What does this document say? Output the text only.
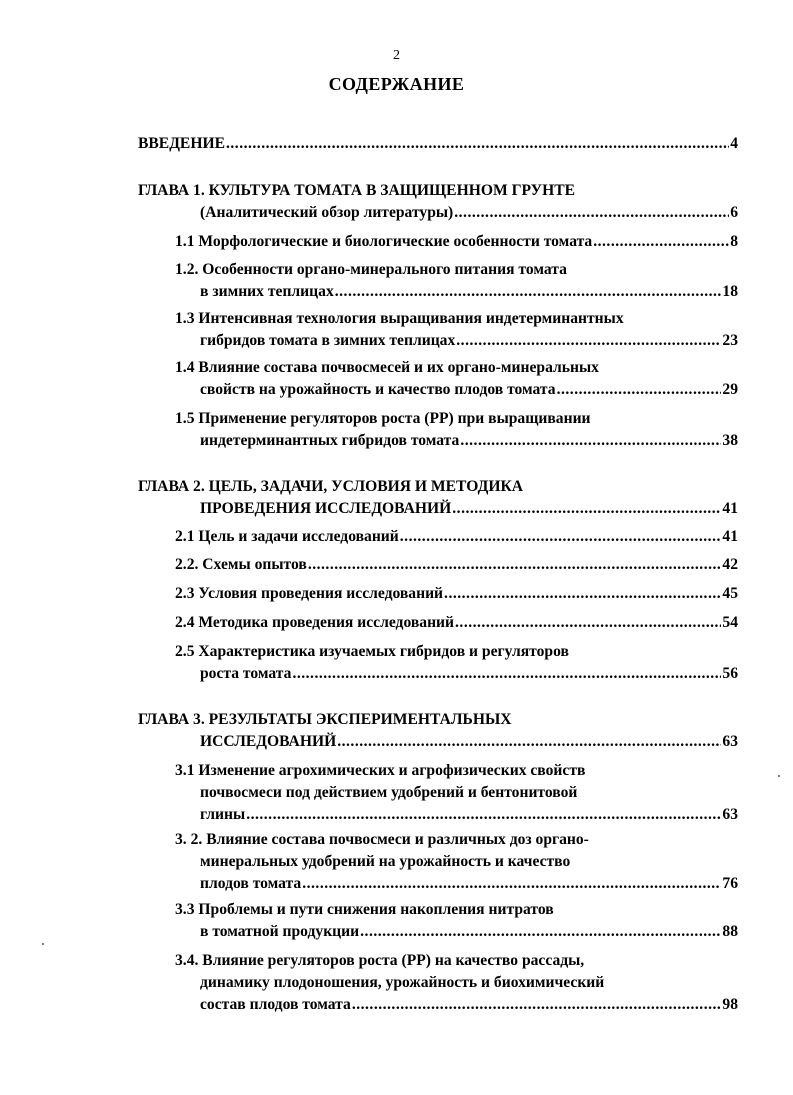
2
СОДЕРЖАНИЕ
ВВЕДЕНИЕ .....	4
ГЛАВА 1. КУЛЬТУРА ТОМАТА В ЗАЩИЩЕННОМ ГРУНТЕ
(Аналитический обзор литературы) .....	6
1.1 Морфологические и биологические особенности томата .....	8
1.2. Особенности органо-минерального питания томата
в зимних теплицах .....	18
1.3 Интенсивная технология выращивания индетерминантных
гибридов томата в зимних теплицах .....	23
1.4 Влияние состава почвосмесей и их органо-минеральных
свойств на урожайность и качество плодов томата .....	29
1.5 Применение регуляторов роста (РР) при выращивании
индетерминантных гибридов томата .....	38
ГЛАВА 2. ЦЕЛЬ, ЗАДАЧИ, УСЛОВИЯ И МЕТОДИКА
ПРОВЕДЕНИЯ ИССЛЕДОВАНИЙ .....	41
2.1 Цель и задачи исследований .....	41
2.2. Схемы опытов .....	42
2.3 Условия проведения исследований .....	45
2.4 Методика проведения исследований .....	54
2.5 Характеристика изучаемых гибридов и регуляторов
роста томата .....	56
ГЛАВА 3. РЕЗУЛЬТАТЫ ЭКСПЕРИМЕНТАЛЬНЫХ
ИССЛЕДОВАНИЙ .....	63
3.1 Изменение агрохимических и агрофизических свойств
почвосмеси под действием удобрений и бентонитовой
глины .....	63
3. 2. Влияние состава почвосмеси и различных доз органо-
минеральных удобрений на урожайность и качество
плодов томата .....	76
3.3 Проблемы и пути снижения накопления нитратов
в томатной продукции .....	88
3.4. Влияние регуляторов роста (РР) на качество рассады,
динамику плодоношения, урожайность и биохимический
состав плодов томата .....	98
